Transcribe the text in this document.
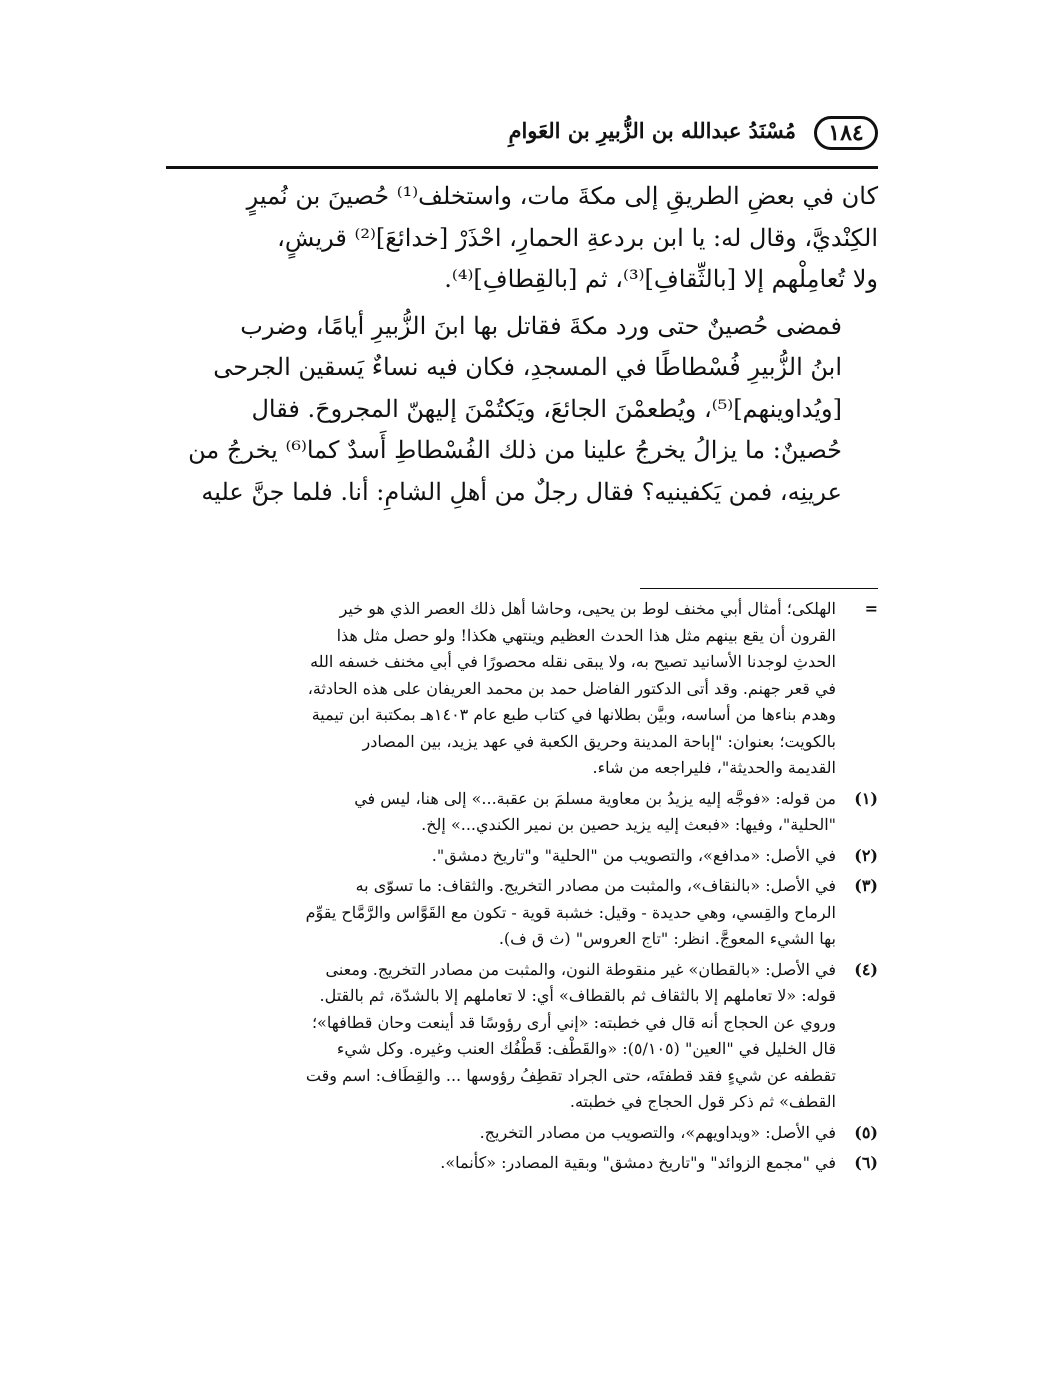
١٨٤
مُسْنَدُ عبدالله بن الزُّبيرِ بن العَوامِ

كان في بعضِ الطريقِ إلى مكةَ مات، واستخلف⁽¹⁾ حُصينَ بن نُميرٍ
الكِنْديَّ، وقال له: يا ابن بردعةِ الحمارِ، احْذَرْ [خدائعَ]⁽²⁾ قريشٍ،
ولا تُعامِلْهم إلا [بالثِّقافِ]⁽³⁾، ثم [بالقِطافِ]⁽⁴⁾.

فمضى حُصينٌ حتى ورد مكةَ فقاتل بها ابنَ الزُّبيرِ أيامًا، وضرب
ابنُ الزُّبيرِ فُسْطاطًا في المسجدِ، فكان فيه نساءٌ يَسقين الجرحى
[ويُداوينهم]⁽⁵⁾، ويُطعمْنَ الجائعَ، ويَكتُمْنَ إليهنّ المجروحَ. فقال
حُصينٌ: ما يزالُ يخرجُ علينا من ذلك الفُسْطاطِ أَسدٌ كما⁽⁶⁾ يخرجُ من
عرينِه، فمن يَكفينيه؟ فقال رجلٌ من أهلِ الشامِ: أنا. فلما جنَّ عليه

=
الهلكى؛ أمثال أبي مخنف لوط بن يحيى، وحاشا أهل ذلك العصر الذي هو خير
القرون أن يقع بينهم مثل هذا الحدث العظيم وينتهي هكذا! ولو حصل مثل هذا
الحدثِ لوجدنا الأسانيد تصيح به، ولا يبقى نقله محصورًا في أبي مخنف خسفه الله
في قعر جهنم. وقد أتى الدكتور الفاضل حمد بن محمد العريفان على هذه الحادثة،
وهدم بناءها من أساسه، وبيَّن بطلانها في كتاب طبع عام ١٤٠٣هـ بمكتبة ابن تيمية
بالكويت؛ بعنوان: "إباحة المدينة وحريق الكعبة في عهد يزيد، بين المصادر
القديمة والحديثة"، فليراجعه من شاء.
(١)
من قوله: «فوجَّه إليه يزيدُ بن معاوية مسلمَ بن عقبة...» إلى هنا، ليس في
"الحلية"، وفيها: «فبعث إليه يزيد حصين بن نمير الكندي...» إلخ.
(٢)
في الأصل: «مدافع»، والتصويب من "الحلية" و"تاريخ دمشق".
(٣)
في الأصل: «بالنقاف»، والمثبت من مصادر التخريج. والثقاف: ما تسوّى به
الرماح والقِسي، وهي حديدة - وقيل: خشبة قوية - تكون مع القَوَّاس والرَّمَّاح يقوِّم
بها الشيء المعوجَّ. انظر: "تاج العروس" (ث ق ف).
(٤)
في الأصل: «بالقطان» غير منقوطة النون، والمثبت من مصادر التخريج. ومعنى
قوله: «لا تعاملهم إلا بالثقاف ثم بالقطاف» أي: لا تعاملهم إلا بالشدّة، ثم بالقتل.
وروي عن الحجاج أنه قال في خطبته: «إني أرى رؤوسًا قد أينعت وحان قطافها»؛
قال الخليل في "العين" (٥/١٠٥): «والقَطْف: قَطْفُك العنب وغيره. وكل شيء
تقطفه عن شيءٍ فقد قطفتَه، حتى الجراد تقطِفُ رؤوسها ... والقِطَاف: اسم وقت
القطف» ثم ذكر قول الحجاج في خطبته.
(٥)
في الأصل: «ويداويهم»، والتصويب من مصادر التخريج.
(٦)
في "مجمع الزوائد" و"تاريخ دمشق" وبقية المصادر: «كأنما».
